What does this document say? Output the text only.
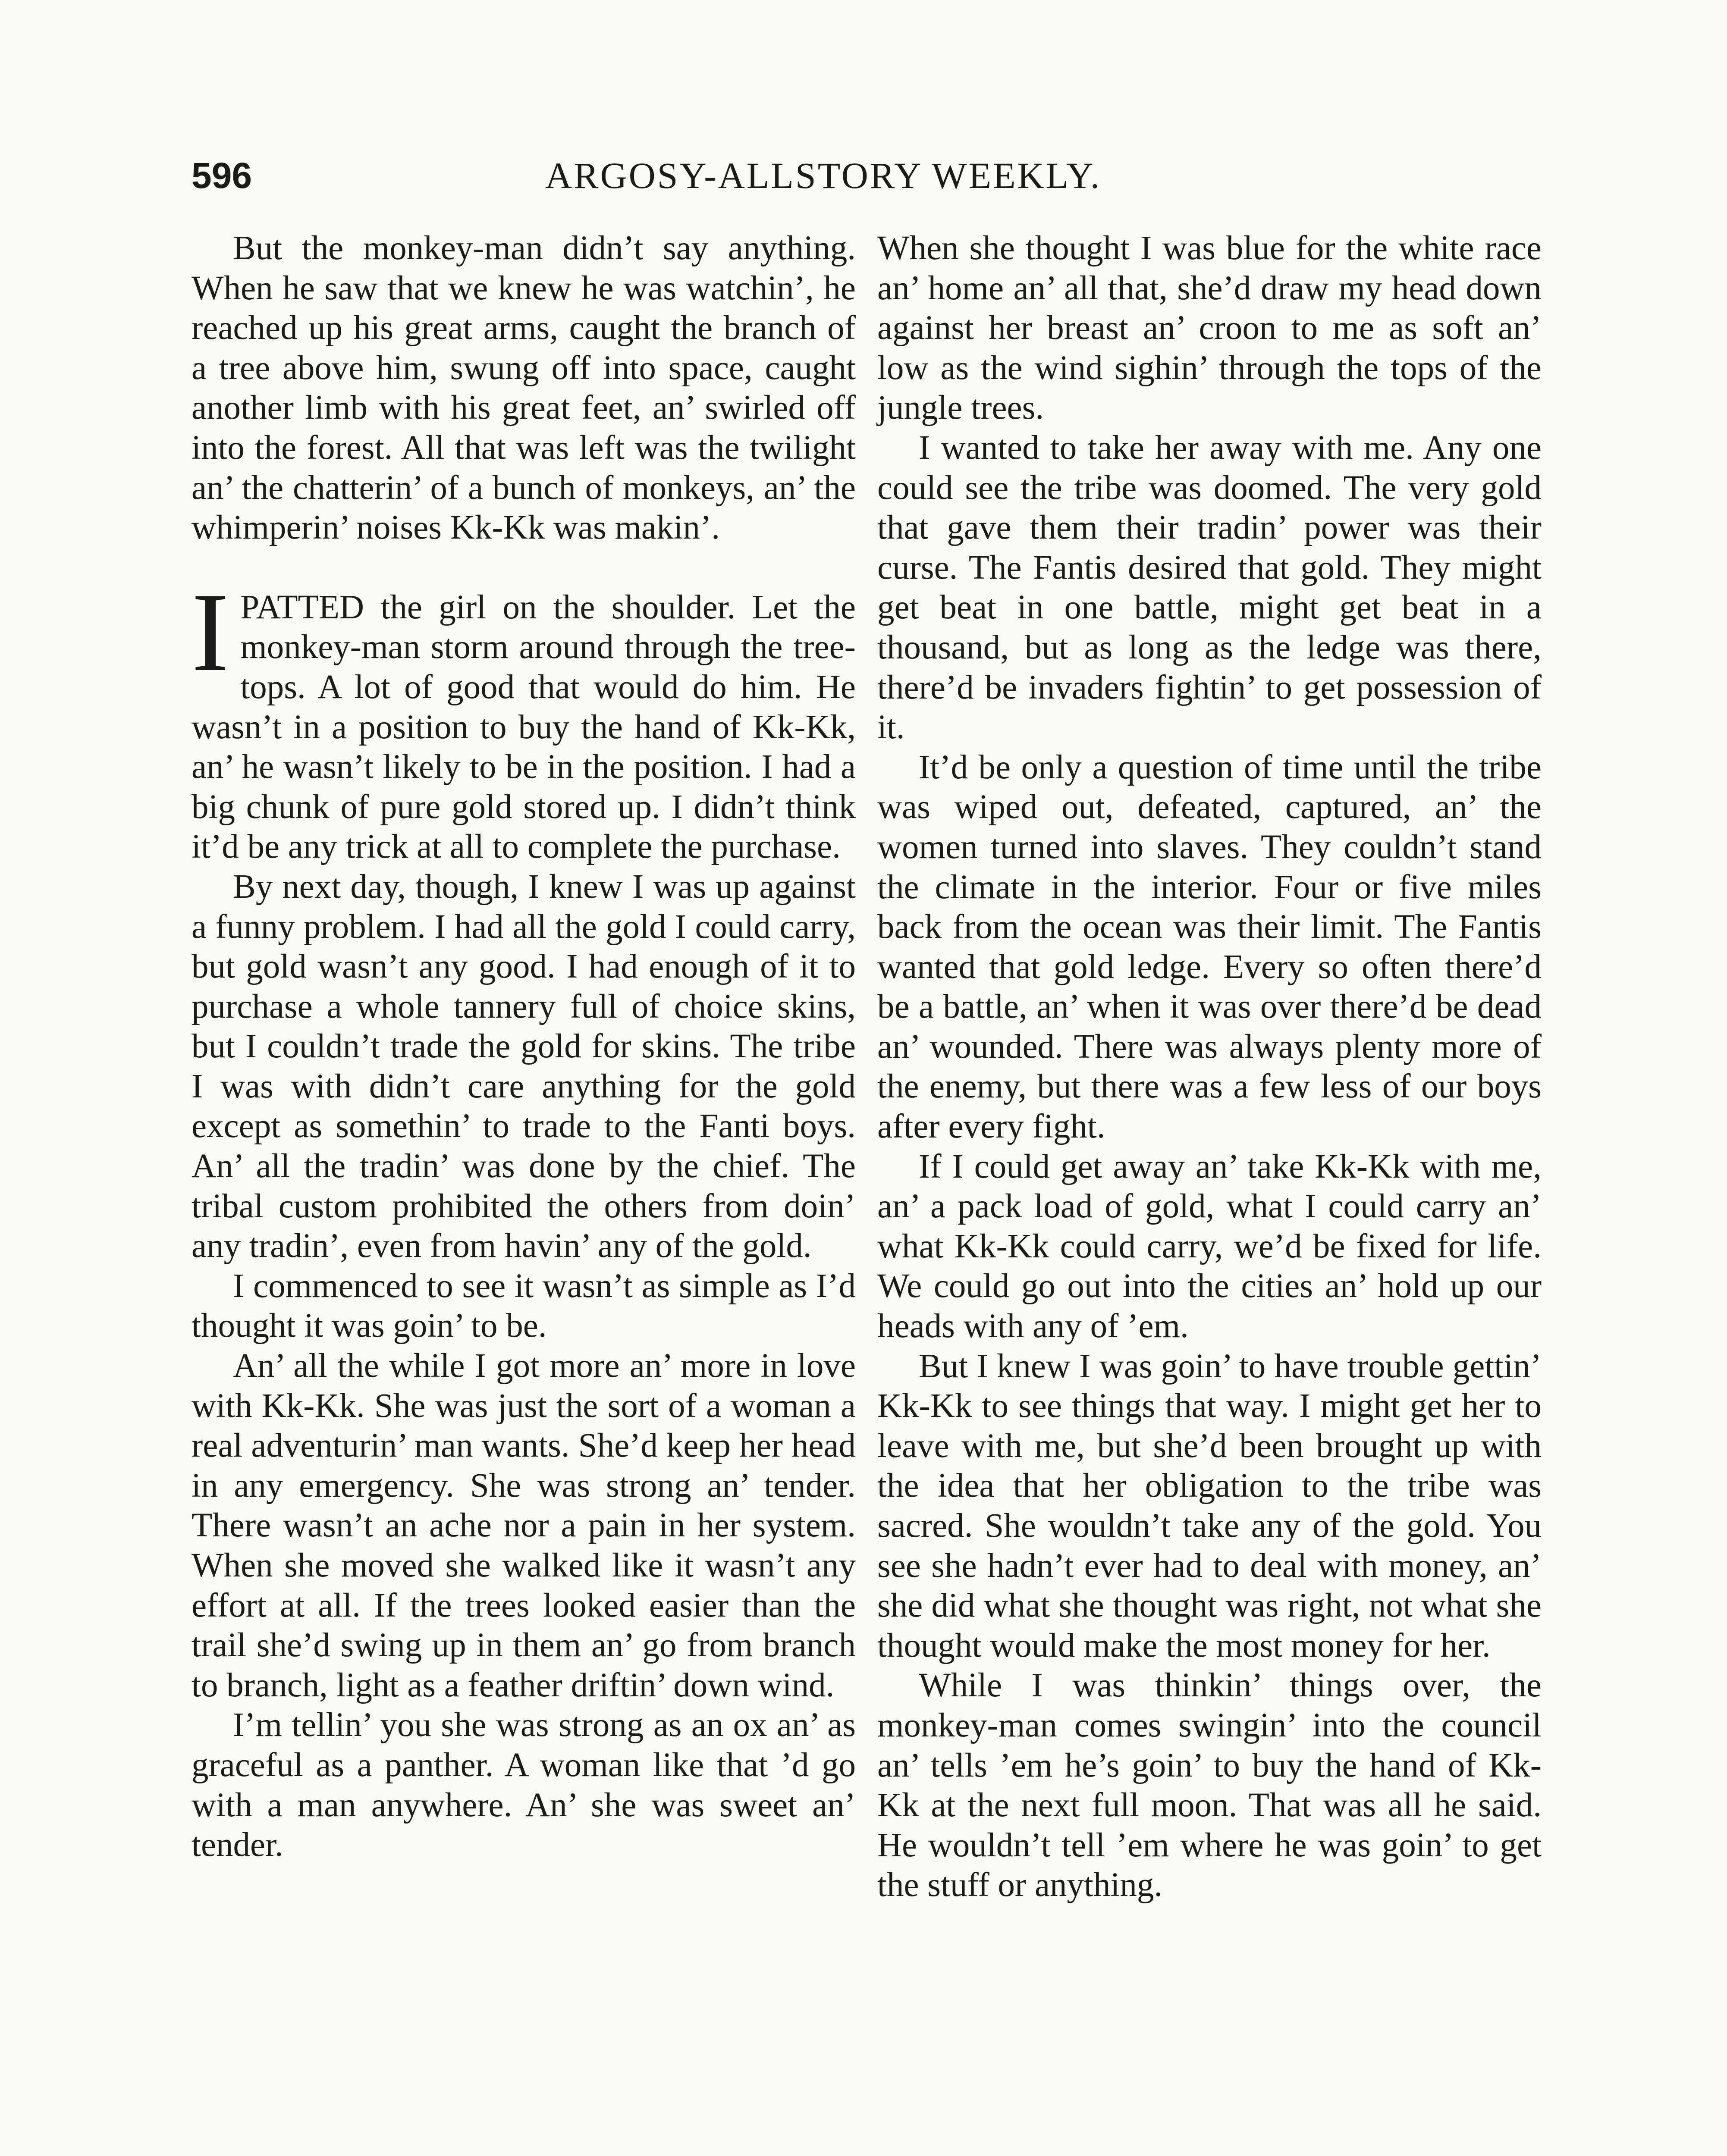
596	ARGOSY-ALLSTORY WEEKLY.

But the monkey-man didn’t say anything. When he saw that we knew he was watchin’, he reached up his great arms, caught the branch of a tree above him, swung off into space, caught another limb with his great feet, an’ swirled off into the forest. All that was left was the twilight an’ the chatterin’ of a bunch of monkeys, an’ the whimperin’ noises Kk-Kk was makin’.

IPATTED the girl on the shoulder. Let the monkey-man storm around through the tree-tops. A lot of good that would do him. He wasn’t in a position to buy the hand of Kk-Kk, an’ he wasn’t likely to be in the position. I had a big chunk of pure gold stored up. I didn’t think it’d be any trick at all to complete the purchase.

By next day, though, I knew I was up against a funny problem. I had all the gold I could carry, but gold wasn’t any good. I had enough of it to purchase a whole tannery full of choice skins, but I couldn’t trade the gold for skins. The tribe I was with didn’t care anything for the gold except as somethin’ to trade to the Fanti boys. An’ all the tradin’ was done by the chief. The tribal custom prohibited the others from doin’ any tradin’, even from havin’ any of the gold.

I commenced to see it wasn’t as simple as I’d thought it was goin’ to be.

An’ all the while I got more an’ more in love with Kk-Kk. She was just the sort of a woman a real adventurin’ man wants. She’d keep her head in any emergency. She was strong an’ tender. There wasn’t an ache nor a pain in her system. When she moved she walked like it wasn’t any effort at all. If the trees looked easier than the trail she’d swing up in them an’ go from branch to branch, light as a feather driftin’ down wind.

I’m tellin’ you she was strong as an ox an’ as graceful as a panther. A woman like that ’d go with a man anywhere. An’ she was sweet an’ tender.

When she thought I was blue for the white race an’ home an’ all that, she’d draw my head down against her breast an’ croon to me as soft an’ low as the wind sighin’ through the tops of the jungle trees.

I wanted to take her away with me. Any one could see the tribe was doomed. The very gold that gave them their tradin’ power was their curse. The Fantis desired that gold. They might get beat in one battle, might get beat in a thousand, but as long as the ledge was there, there’d be invaders fightin’ to get possession of it.

It’d be only a question of time until the tribe was wiped out, defeated, captured, an’ the women turned into slaves. They couldn’t stand the climate in the interior. Four or five miles back from the ocean was their limit. The Fantis wanted that gold ledge. Every so often there’d be a battle, an’ when it was over there’d be dead an’ wounded. There was always plenty more of the enemy, but there was a few less of our boys after every fight.

If I could get away an’ take Kk-Kk with me, an’ a pack load of gold, what I could carry an’ what Kk-Kk could carry, we’d be fixed for life. We could go out into the cities an’ hold up our heads with any of ’em.

But I knew I was goin’ to have trouble gettin’ Kk-Kk to see things that way. I might get her to leave with me, but she’d been brought up with the idea that her obligation to the tribe was sacred. She wouldn’t take any of the gold. You see she hadn’t ever had to deal with money, an’ she did what she thought was right, not what she thought would make the most money for her.

While I was thinkin’ things over, the monkey-man comes swingin’ into the council an’ tells ’em he’s goin’ to buy the hand of Kk-Kk at the next full moon. That was all he said. He wouldn’t tell ’em where he was goin’ to get the stuff or anything.
